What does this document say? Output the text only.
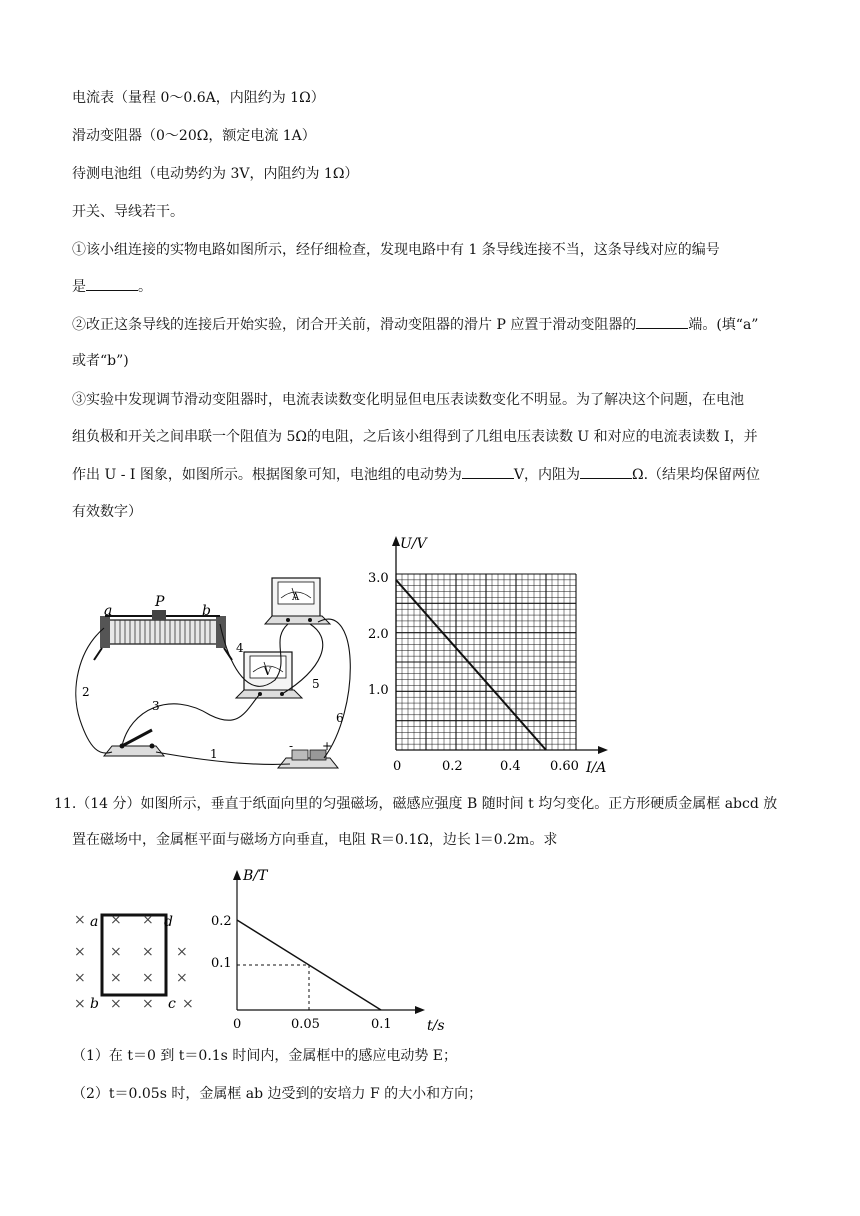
电流表（量程 0～0.6A，内阻约为 1Ω）
滑动变阻器（0～20Ω，额定电流 1A）
待测电池组（电动势约为 3V，内阻约为 1Ω）
开关、导线若干。
①该小组连接的实物电路如图所示，经仔细检查，发现电路中有 1 条导线连接不当，这条导线对应的编号
是	。
②改正这条导线的连接后开始实验，闭合开关前，滑动变阻器的滑片 P 应置于滑动变阻器的	端。(填“a”
或者“b”)
③实验中发现调节滑动变阻器时，电流表读数变化明显但电压表读数变化不明显。为了解决这个问题，在电池
组负极和开关之间串联一个阻值为 5Ω的电阻，之后该小组得到了几组电压表读数 U 和对应的电流表读数 I，并
作出 U - I 图象，如图所示。根据图象可知，电池组的电动势为	V，内阻为	Ω.（结果均保留两位
有效数字）
a
P
b
A
V
- +
1
2
3
4
5
6
U/V
I/A
3.0
2.0
1.0
0	0.2	0.4 0.60
11.（14 分）如图所示，垂直于纸面向里的匀强磁场，磁感应强度 B 随时间 t 均匀变化。正方形硬质金属框 abcd 放
置在磁场中，金属框平面与磁场方向垂直，电阻 R＝0.1Ω，边长 l＝0.2m。求
× × ×
× × × ×
× × × ×
× × × ×
a	d
b	c
B/T
t/s
0.2
0.1
0	0.05	0.1
（1）在 t＝0 到 t＝0.1s 时间内，金属框中的感应电动势 E；
（2）t＝0.05s 时，金属框 ab 边受到的安培力 F 的大小和方向；
